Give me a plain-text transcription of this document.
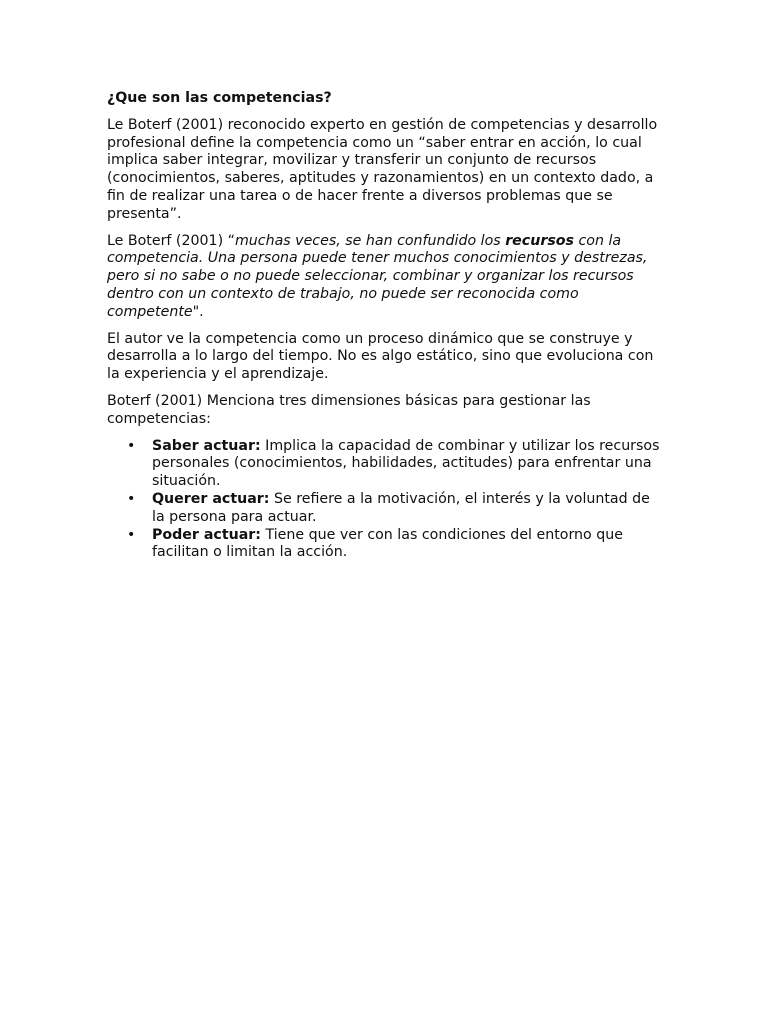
¿Que son las competencias?

Le Boterf (2001) reconocido experto en gestión de competencias y desarrollo profesional define la competencia como un “saber entrar en acción, lo cual implica saber integrar, movilizar y transferir un conjunto de recursos (conocimientos, saberes, aptitudes y razonamientos) en un contexto dado, a fin de realizar una tarea o de hacer frente a diversos problemas que se presenta”.

Le Boterf (2001) “muchas veces, se han confundido los recursos con la competencia. Una persona puede tener muchos conocimientos y destrezas, pero si no sabe o no puede seleccionar, combinar y organizar los recursos dentro con un contexto de trabajo, no puede ser reconocida como competente".

El autor ve la competencia como un proceso dinámico que se construye y desarrolla a lo largo del tiempo. No es algo estático, sino que evoluciona con la experiencia y el aprendizaje.

Boterf (2001) Menciona tres dimensiones básicas para gestionar las competencias:

• Saber actuar: Implica la capacidad de combinar y utilizar los recursos personales (conocimientos, habilidades, actitudes) para enfrentar una situación.
• Querer actuar: Se refiere a la motivación, el interés y la voluntad de la persona para actuar.
• Poder actuar: Tiene que ver con las condiciones del entorno que facilitan o limitan la acción.
